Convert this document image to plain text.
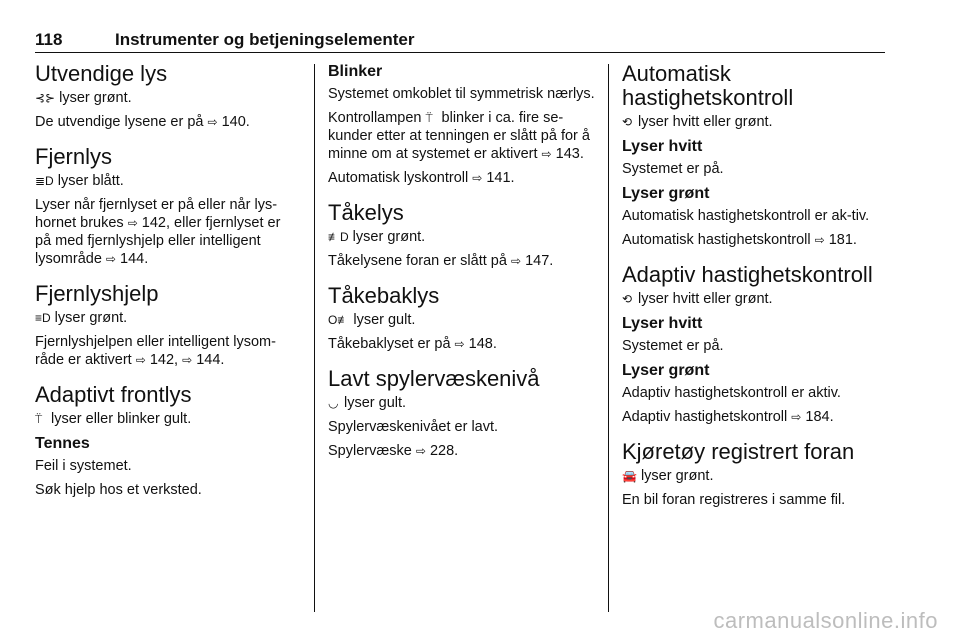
118	Instrumenter og betjeningselementer
Utvendige lys

⊰⊱ lyser grønt.

De utvendige lysene er på ⇨ 140.

Fjernlys

≣D lyser blått.

Lyser når fjernlyset er på eller når lys-hornet brukes ⇨ 142, eller fjernlyset er på med fjernlyshjelp eller intelligent lysområde ⇨ 144.

Fjernlyshjelp

≡D lyser grønt.

Fjernlyshjelpen eller intelligent lysom-råde er aktivert ⇨ 142, ⇨ 144.

Adaptivt frontlys

⍡ lyser eller blinker gult.

Tennes

Feil i systemet.

Søk hjelp hos et verksted.

Blinker

Systemet omkoblet til symmetrisk nærlys.

Kontrollampen ⍡ blinker i ca. fire se-kunder etter at tenningen er slått på for å minne om at systemet er aktivert ⇨ 143.

Automatisk lyskontroll ⇨ 141.

Tåkelys

≢D lyser grønt.

Tåkelysene foran er slått på ⇨ 147.

Tåkebaklys

O≢ lyser gult.

Tåkebaklyset er på ⇨ 148.

Lavt spylervæskenivå

◡ lyser gult.

Spylervæskenivået er lavt.

Spylervæske ⇨ 228.

Automatisk hastighetskontroll

⟲ lyser hvitt eller grønt.

Lyser hvitt

Systemet er på.

Lyser grønt

Automatisk hastighetskontroll er ak-tiv.

Automatisk hastighetskontroll ⇨ 181.

Adaptiv hastighetskontroll

⟲ lyser hvitt eller grønt.

Lyser hvitt

Systemet er på.

Lyser grønt

Adaptiv hastighetskontroll er aktiv.

Adaptiv hastighetskontroll ⇨ 184.

Kjøretøy registrert foran

🚘 lyser grønt.

En bil foran registreres i samme fil.

carmanualsonline.info
